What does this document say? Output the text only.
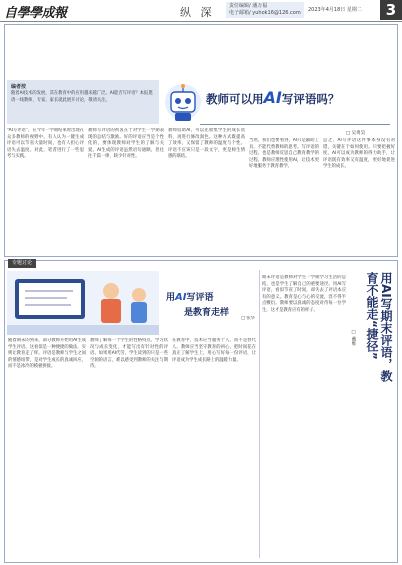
自學學成報	纵 深	责任编辑/ 潘万福
电子邮箱/ yuhok16@126.com 2023年4月18日 星期二	3
编者按
随着AI技术的发展，其在教育中的应用越来越广泛。AI能否写评语？本报邀请一线教师、专家、家长就此展开讨论，敬请关注。	教师可以用AI写评语吗？
□ 吴勇昊
“AI写评语”，在今年一学期结束时出现在众多教师的视野中。有人认为一键生成评语可以节省大量时间，也有人担心评语失去温度。对此，笔者进行了一些思考与实践。
教师写评语的初衷在于对学生一学期表现的总结与激励。好的评语应当是个性化的，要体现教师对学生的了解与关爱。AI生成的评语虽然语句通顺，但往往千篇一律，缺少针对性。
教师借助AI，可以先收集学生的成长资料，再进行修改润色。这种方式既提高了效率，又保留了教师的温度与个性。评语不应该只是一段文字，更是师生情感的联结。
当然，我们也要看到，AI只是辅助工具，不能代替教师的思考。写评语的过程，也是教师反思自己教育教学的过程。教师应理性使用AI，让技术更好地服务于教育教学。
总之，AI写评语这件事本身没有对错，关键在于如何使用。只要把握好度，AI可以成为教师的得力助手，让评语既有效率又有温度，更好地促进学生的成长。
专题讨论
用AI写评语
是教育走样
□ 张华
随着期末的到来，部分教师开始用AI生成学生评语。这看似是一种便捷的做法，实则让教育走了样。评语是教师与学生之间的情感纽带，是对学生成长的真诚回应，而不是冰冷的模板拼接。
教师了解每一个学生的性格特点、学习状况与成长变化，才能写出有针对性的评语。如果用AI代劳，学生读到的只是一些空洞的语言，难以感受到教师的关注与期待。
在教育中，技术应当服务于人，而不是替代人。教师应当坚守教育的初心，把时间花在真正了解学生上，用心写好每一份评语，让评语成为学生成长路上的温暖力量。
期末评语是教师对学生一学期学习生活的总结，也是学生了解自己的重要途径。用AI写评语，看似节省了时间，却失去了评语本应有的意义。教育是心与心的交流，容不得半点敷衍。教师要以真诚的态度对待每一位学生，这才是教育应有的样子。	用AI写期末评语，教育不能走“捷径”
□ 戴维
